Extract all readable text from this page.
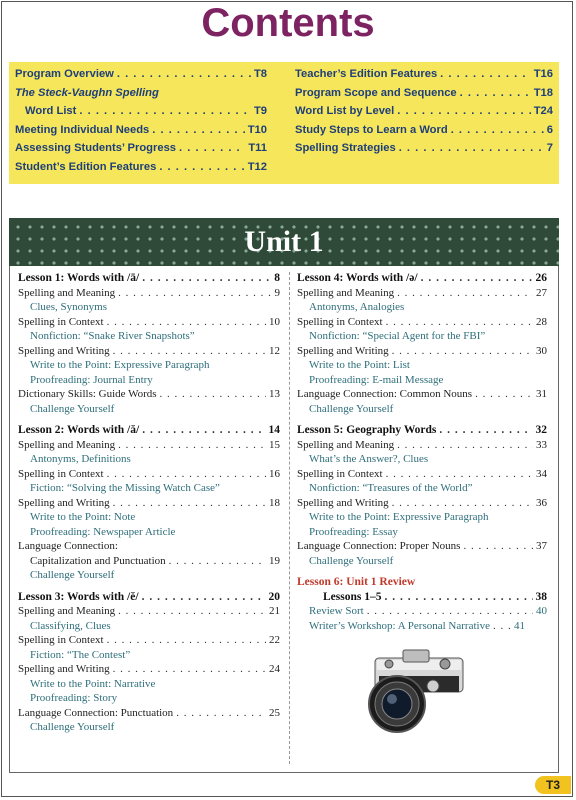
Contents
Program Overview . . .	T8
The Steck-Vaughn Spelling
Word List . . .	T9
Meeting Individual Needs . . .	T10
Assessing Students’ Progress . . .	T11
Student’s Edition Features . . .	T12
Teacher’s Edition Features . . .	T16
Program Scope and Sequence . . .	T18
Word List by Level . . .	T24
Study Steps to Learn a Word . . .	6
Spelling Strategies . . .	7
Unit 1
Lesson 1: Words with /ā/ . . .	8
Spelling and Meaning . . .	9
Clues, Synonyms
Spelling in Context . . .	10
Nonfiction: “Snake River Snapshots”
Spelling and Writing . . .	12
Write to the Point: Expressive Paragraph
Proofreading: Journal Entry
Dictionary Skills: Guide Words . . .	13
Challenge Yourself
Lesson 2: Words with /ă/ . . .	14
Spelling and Meaning . . .	15
Antonyms, Definitions
Spelling in Context . . .	16
Fiction: “Solving the Missing Watch Case”
Spelling and Writing . . .	18
Write to the Point: Note
Proofreading: Newspaper Article
Language Connection:
Capitalization and Punctuation . . .	19
Challenge Yourself
Lesson 3: Words with /ĕ/ . . .	20
Spelling and Meaning . . .	21
Classifying, Clues
Spelling in Context . . .	22
Fiction: “The Contest”
Spelling and Writing . . .	24
Write to the Point: Narrative
Proofreading: Story
Language Connection: Punctuation . . .	25
Challenge Yourself
Lesson 4: Words with /ə/ . . .	26
Spelling and Meaning . . .	27
Antonyms, Analogies
Spelling in Context . . .	28
Nonfiction: “Special Agent for the FBI”
Spelling and Writing . . .	30
Write to the Point: List
Proofreading: E-mail Message
Language Connection: Common Nouns . . .	31
Challenge Yourself
Lesson 5: Geography Words . . .	32
Spelling and Meaning . . .	33
What’s the Answer?, Clues
Spelling in Context . . .	34
Nonfiction: “Treasures of the World”
Spelling and Writing . . .	36
Write to the Point: Expressive Paragraph
Proofreading: Essay
Language Connection: Proper Nouns . . .	37
Challenge Yourself
Lesson 6: Unit 1 Review
Lessons 1–5 . . .	38
Review Sort . . .	40
Writer’s Workshop: A Personal Narrative . . . 41
T3
